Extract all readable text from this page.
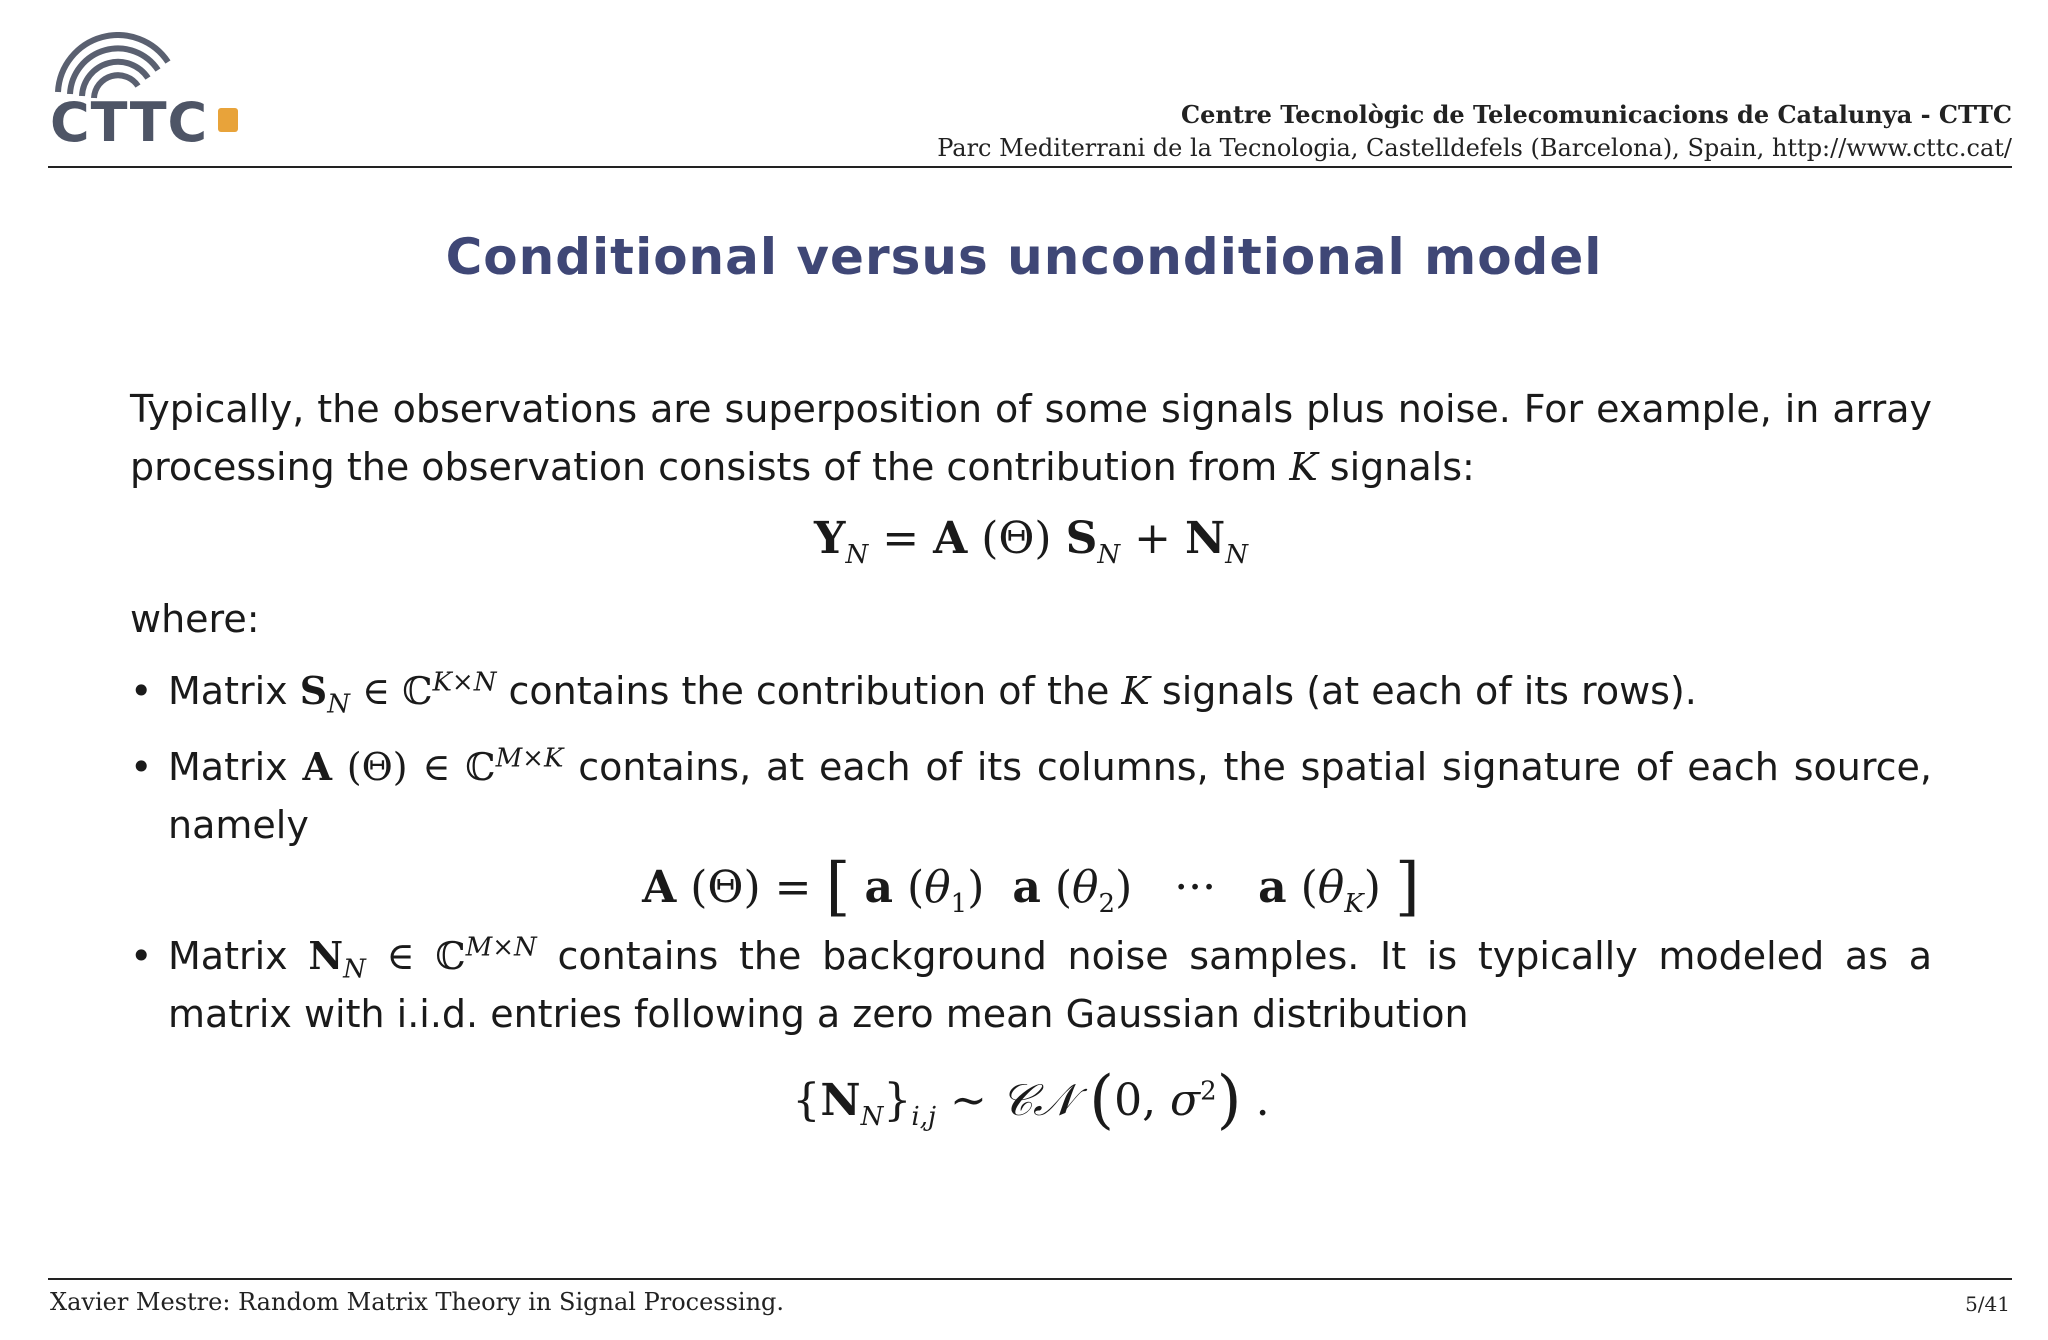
CTTC	Centre Tecnològic de Telecomunicacions de Catalunya - CTTC
Parc Mediterrani de la Tecnologia, Castelldefels (Barcelona), Spain, http://www.cttc.cat/
Conditional versus unconditional model
Typically, the observations are superposition of some signals plus noise. For example, in array processing the observation consists of the contribution from K signals:
$Y_N = A$ (Θ) $S_N + N_N$
where:
• Matrix $S_N$ ∈ ℂ$^{K\times N}$ contains the contribution of the K signals (at each of its rows).
• Matrix A (Θ) ∈ ℂ$^{M\times K}$ contains, at each of its columns, the spatial signature of each source, namely
A (Θ) = [ a $(\theta_1)$  a $(\theta_2)$   ···   a $(\theta_K)$ ]
• Matrix $N_N$ ∈ ℂ$^{M\times N}$ contains the background noise samples. It is typically modeled as a matrix with i.i.d. entries following a zero mean Gaussian distribution
$\{N_N\}_{i,j}$ ∼ 𝒞𝒩 (0, $\sigma^2$) .
Xavier Mestre: Random Matrix Theory in Signal Processing.	5/41
